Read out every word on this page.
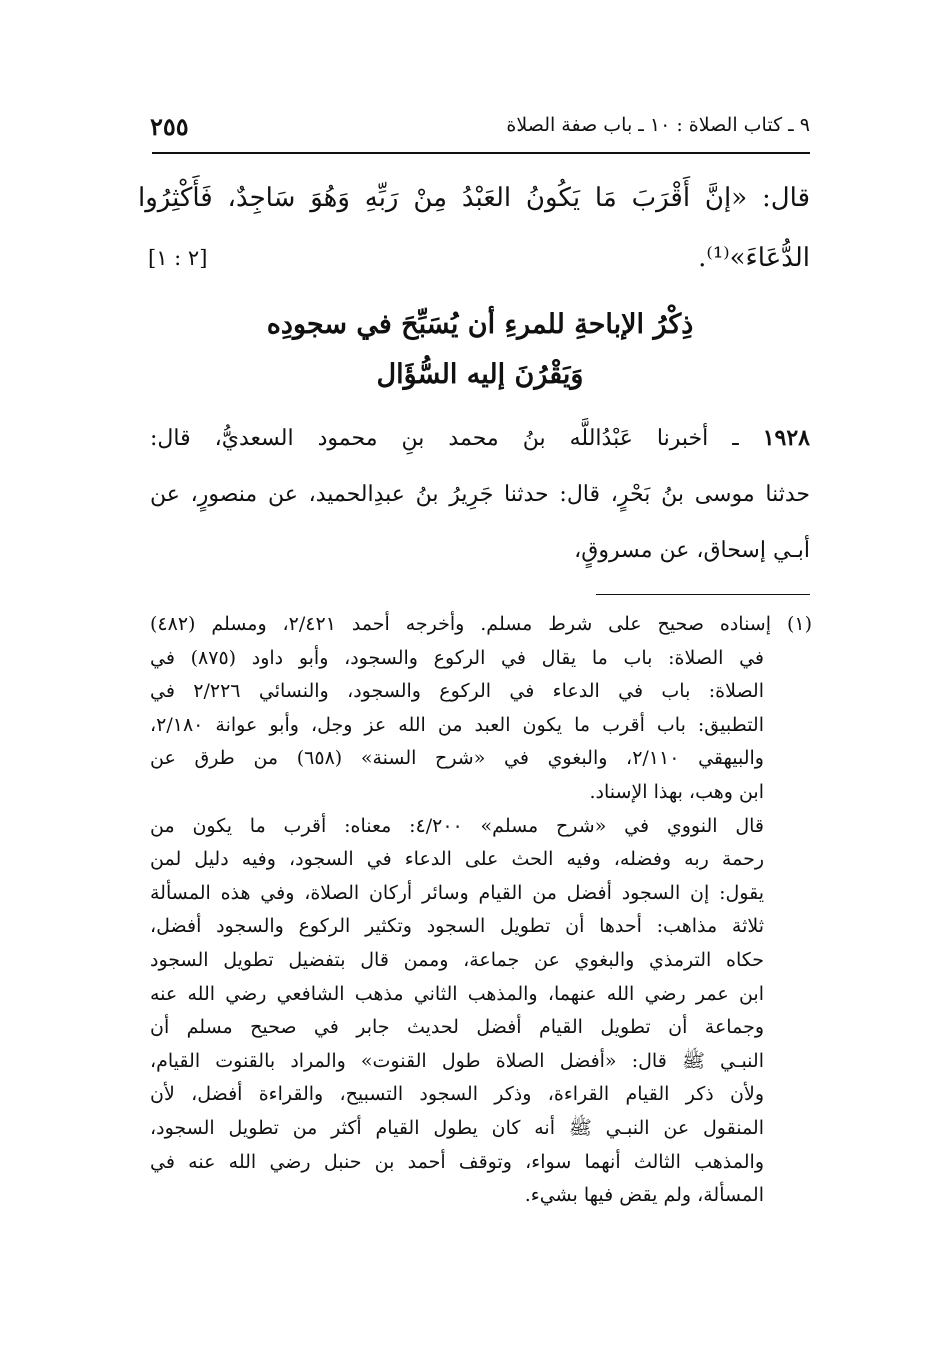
٢٥٥	٩ ـ كتاب الصلاة : ١٠ ـ باب صفة الصلاة
قال: «إنَّ أَقْرَبَ مَا يَكُونُ العَبْدُ مِنْ رَبِّهِ وَهُوَ سَاجِدٌ، فَأَكْثِرُوا
الدُّعَاءَ»⁽¹⁾.
[٢ : ١]
ذِكْرُ الإباحةِ للمرءِ أن يُسَبِّحَ في سجودِه
وَيَقْرُنَ إليه السُّؤَال
١٩٢٨ ـ أخبرنا عَبْدُاللَّه بنُ محمد بنِ محمود السعديُّ، قال:
حدثنا موسى بنُ بَحْرٍ، قال: حدثنا جَرِيرُ بنُ عبدِالحميد، عن منصورٍ، عن
أبـي إسحاق، عن مسروقٍ،
(١) إسناده صحيح على شرط مسلم. وأخرجه أحمد ٢/٤٢١، ومسلم (٤٨٢)
في الصلاة: باب ما يقال في الركوع والسجود، وأبو داود (٨٧٥) في
الصلاة: باب في الدعاء في الركوع والسجود، والنسائي ٢/٢٢٦ في
التطبيق: باب أقرب ما يكون العبد من الله عز وجل، وأبو عوانة ٢/١٨٠،
والبيهقي ٢/١١٠، والبغوي في «شرح السنة» (٦٥٨) من طرق عن
ابن وهب، بهذا الإسناد.
قال النووي في «شرح مسلم» ٤/٢٠٠: معناه: أقرب ما يكون من
رحمة ربه وفضله، وفيه الحث على الدعاء في السجود، وفيه دليل لمن
يقول: إن السجود أفضل من القيام وسائر أركان الصلاة، وفي هذه المسألة
ثلاثة مذاهب: أحدها أن تطويل السجود وتكثير الركوع والسجود أفضل،
حكاه الترمذي والبغوي عن جماعة، وممن قال بتفضيل تطويل السجود
ابن عمر رضي الله عنهما، والمذهب الثاني مذهب الشافعي رضي الله عنه
وجماعة أن تطويل القيام أفضل لحديث جابر في صحيح مسلم أن
النبـي ﷺ قال: «أفضل الصلاة طول القنوت» والمراد بالقنوت القيام،
ولأن ذكر القيام القراءة، وذكر السجود التسبيح، والقراءة أفضل، لأن
المنقول عن النبـي ﷺ أنه كان يطول القيام أكثر من تطويل السجود،
والمذهب الثالث أنهما سواء، وتوقف أحمد بن حنبل رضي الله عنه في
المسألة، ولم يقض فيها بشيء.
